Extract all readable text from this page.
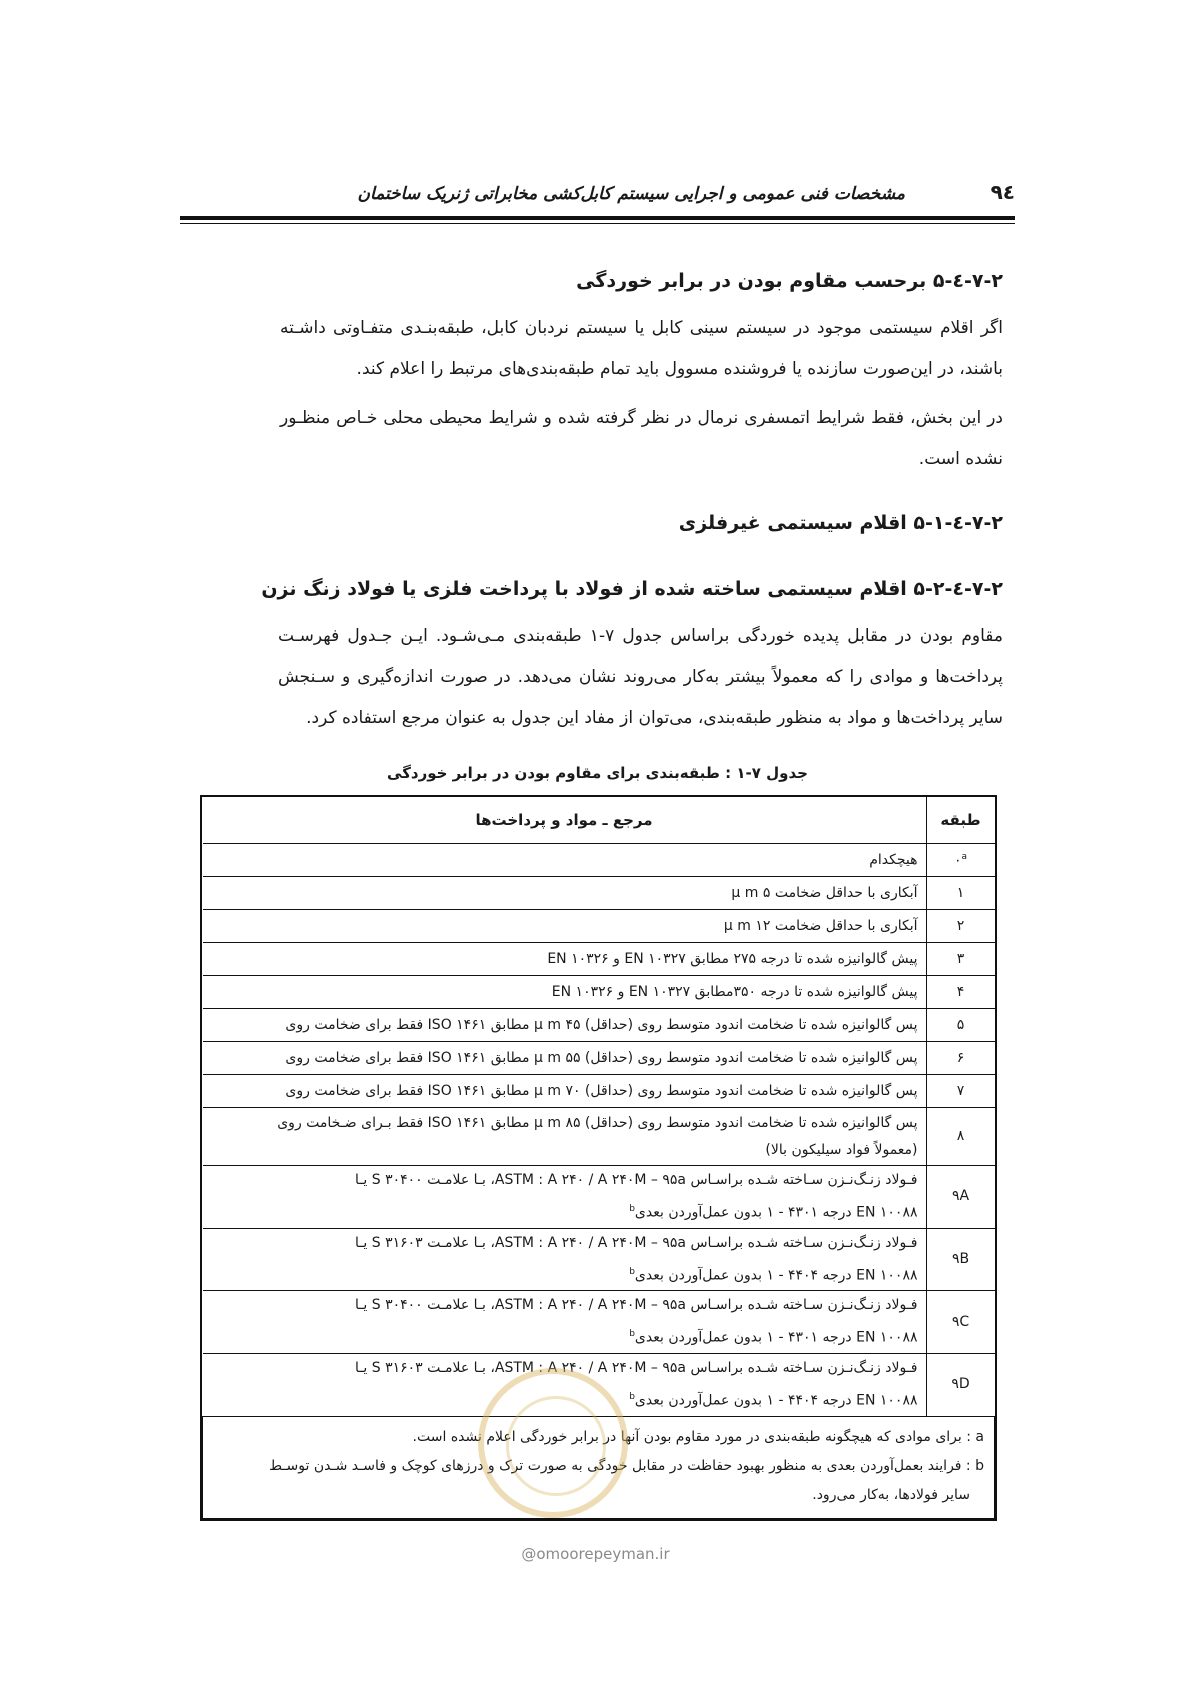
۹٤
مشخصات فنی عمومی و اجرایی سیستم کابل‌کشی مخابراتی ژنریک ساختمان
۷-۲-٤-۵ برحسب مقاوم بودن در برابر خوردگی
اگر اقلام سیستمی موجود در سیستم سینی کابل یا سیستم نردبان کابل، طبقه‌بنـدی متفـاوتی داشـته باشند، در این‌صورت سازنده یا فروشنده مسوول باید تمام طبقه‌بندی‌های مرتبط را اعلام کند.
در این بخش، فقط شرایط اتمسفری نرمال در نظر گرفته شده و شرایط محیطی محلی خـاص منظـور نشده است.
۷-۲-٤-۵-۱ اقلام سیستمی غیرفلزی
۷-۲-٤-۵-۲ اقلام سیستمی ساخته شده از فولاد با پرداخت فلزی یا فولاد زنگ نزن
مقاوم بودن در مقابل پدیده خوردگی براساس جدول ۷-۱ طبقه‌بندی مـی‌شـود. ایـن جـدول فهرسـت پرداخت‌ها و موادی را که معمولاً بیشتر به‌کار می‌روند نشان می‌دهد. در صورت اندازه‌گیری و سـنجش سایر پرداخت‌ها و مواد به منظور طبقه‌بندی، می‌توان از مفاد این جدول به عنوان مرجع استفاده کرد.
جدول ۷-۱ : طبقه‌بندی برای مقاوم بودن در برابر خوردگی
طبقه	مرجع ـ مواد و پرداخت‌ها
۰$^a$	هیچکدام
۱	آبکاری با حداقل ضخامت ۵ µ m
۲	آبکاری با حداقل ضخامت ۱۲ µ m
۳	پیش گالوانیزه شده تا درجه ۲۷۵ مطابق EN ۱۰۳۲۷ و EN ۱۰۳۲۶
۴	پیش گالوانیزه شده تا درجه ۳۵۰مطابق EN ۱۰۳۲۷ و EN ۱۰۳۲۶
۵	پس گالوانیزه شده تا ضخامت اندود متوسط روی (حداقل) ۴۵ µ m مطابق ISO ۱۴۶۱ فقط برای ضخامت روی
۶	پس گالوانیزه شده تا ضخامت اندود متوسط روی (حداقل) ۵۵ µ m مطابق ISO ۱۴۶۱ فقط برای ضخامت روی
۷	پس گالوانیزه شده تا ضخامت اندود متوسط روی (حداقل) ۷۰ µ m مطابق ISO ۱۴۶۱ فقط برای ضخامت روی
۸	پس گالوانیزه شده تا ضخامت اندود متوسط روی (حداقل) ۸۵ µ m مطابق ISO ۱۴۶۱ فقط بـرای ضـخامت روی
(معمولاً فواد سیلیکون بالا)

۹A	فـولاد زنـگ‌نـزن سـاخته شـده براسـاس ASTM : A ۲۴۰ / A ۲۴۰M – ۹۵a، بـا علامـت S ۳۰۴۰۰ یـا
EN ۱۰۰۸۸ درجه ۴۳۰۱ - ۱ بدون عمل‌آوردن بعدی$^b$

۹B	فـولاد زنـگ‌نـزن سـاخته شـده براسـاس ASTM : A ۲۴۰ / A ۲۴۰M – ۹۵a، بـا علامـت S ۳۱۶۰۳ یـا
EN ۱۰۰۸۸ درجه ۴۴۰۴ - ۱ بدون عمل‌آوردن بعدی$^b$

۹C	فـولاد زنـگ‌نـزن سـاخته شـده براسـاس ASTM : A ۲۴۰ / A ۲۴۰M – ۹۵a، بـا علامـت S ۳۰۴۰۰ یـا
EN ۱۰۰۸۸ درجه ۴۳۰۱ - ۱ بدون عمل‌آوردن بعدی$^b$

۹D	فـولاد زنـگ‌نـزن سـاخته شـده براسـاس ASTM : A ۲۴۰ / A ۲۴۰M – ۹۵a، بـا علامـت S ۳۱۶۰۳ یـا
EN ۱۰۰۸۸ درجه ۴۴۰۴ - ۱ بدون عمل‌آوردن بعدی$^b$

a : برای موادی که هیچگونه طبقه‌بندی در مورد مقاوم بودن آنها در برابر خوردگی اعلام نشده است.
b : فرایند بعمل‌آوردن بعدی به منظور بهبود حفاظت در مقابل خودگی به صورت ترک و درزهای کوچک و فاسـد شـدن توسـط
سایر فولادها، به‌کار می‌رود.	
@omoorepeyman.ir
